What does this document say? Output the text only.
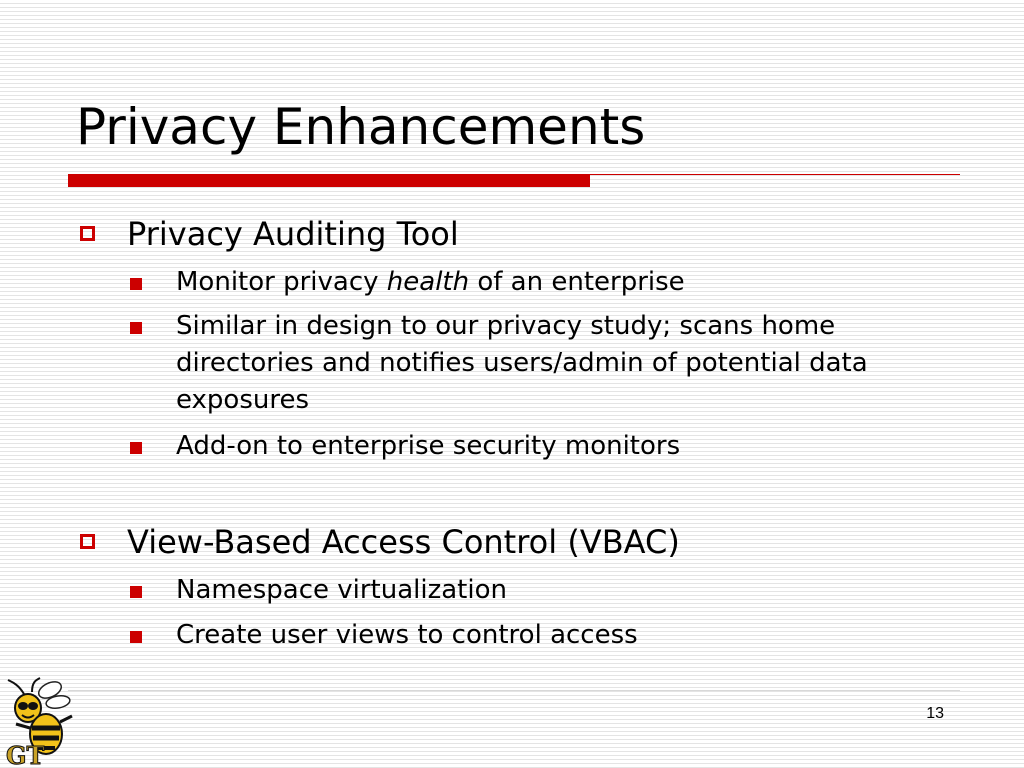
Privacy Enhancements
Privacy Auditing Tool
Monitor privacy health of an enterprise
Similar in design to our privacy study; scans home directories and notifies users/admin of potential data exposures
Add-on to enterprise security monitors
View-Based Access Control (VBAC)
Namespace virtualization
Create user views to control access
13
GT
